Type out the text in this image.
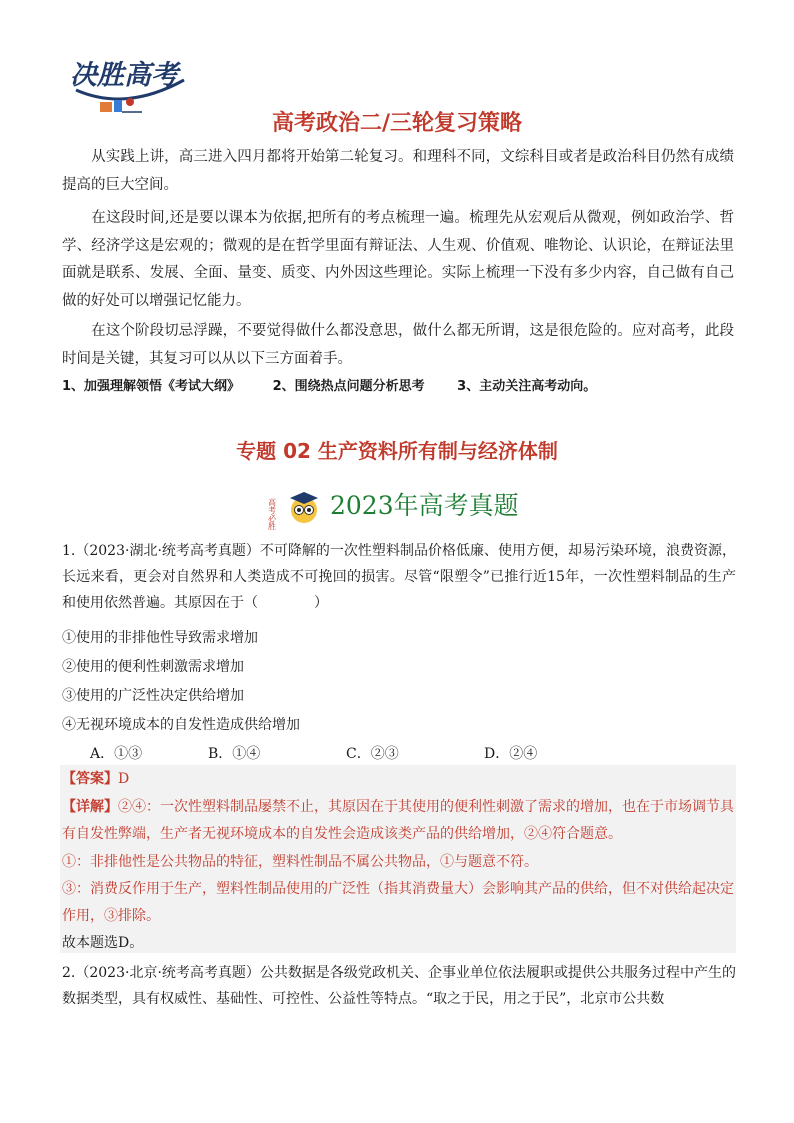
决胜高考
高考政治二/三轮复习策略

从实践上讲，高三进入四月都将开始第二轮复习。和理科不同，文综科目或者是政治科目仍然有成绩提高的巨大空间。

在这段时间,还是要以课本为依据,把所有的考点梳理一遍。梳理先从宏观后从微观，例如政治学、哲学、经济学这是宏观的；微观的是在哲学里面有辩证法、人生观、价值观、唯物论、认识论，在辩证法里面就是联系、发展、全面、量变、质变、内外因这些理论。实际上梳理一下没有多少内容，自己做有自己做的好处可以增强记忆能力。

在这个阶段切忌浮躁，不要觉得做什么都没意思，做什么都无所谓，这是很危险的。应对高考，此段时间是关键，其复习可以从以下三方面着手。

1、加强理解领悟《考试大纲》	2、围绕热点问题分析思考	3、主动关注高考动向。
专题 02 生产资料所有制与经济体制
高考必胜 2023年高考真题

1.（2023·湖北·统考高考真题）不可降解的一次性塑料制品价格低廉、使用方便，却易污染环境，浪费资源，长远来看，更会对自然界和人类造成不可挽回的损害。尽管“限塑令”已推行近15年，一次性塑料制品的生产和使用依然普遍。其原因在于（　　　　）

①使用的非排他性导致需求增加
②使用的便利性刺激需求增加
③使用的广泛性决定供给增加
④无视环境成本的自发性造成供给增加
A．①③	B．①④	C．②③	D．②④
【答案】D
【详解】②④：一次性塑料制品屡禁不止，其原因在于其使用的便利性刺激了需求的增加，也在于市场调节具有自发性弊端，生产者无视环境成本的自发性会造成该类产品的供给增加，②④符合题意。
①：非排他性是公共物品的特征，塑料性制品不属公共物品，①与题意不符。
③：消费反作用于生产，塑料性制品使用的广泛性（指其消费量大）会影响其产品的供给，但不对供给起决定作用，③排除。
故本题选D。

2.（2023·北京·统考高考真题）公共数据是各级党政机关、企事业单位依法履职或提供公共服务过程中产生的数据类型，具有权威性、基础性、可控性、公益性等特点。“取之于民，用之于民”，北京市公共数
